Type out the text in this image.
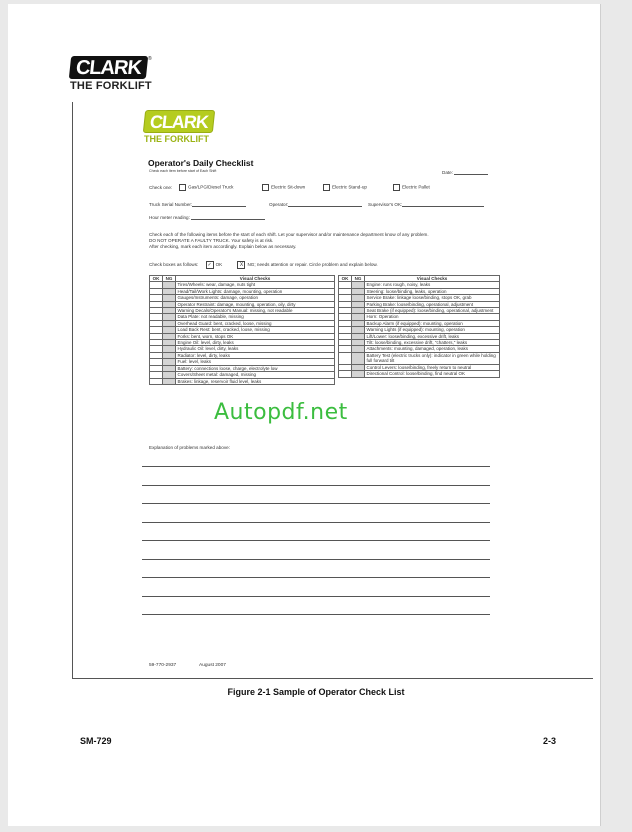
CLARK ®
THE FORKLIFT
CLARK
THE FORKLIFT
Operator's Daily Checklist
Check each item before start of Each Shift	Date:
Check one:	Gas/LPG/Diesel Truck	Electric Sit-down	Electric Stand-up	Electric Pallet
Truck Serial Number:	Operator:	Supervisor's OK:
Hour meter reading:
Check each of the following items before the start of each shift. Let your supervisor and/or maintenance department know of any problem.
DO NOT OPERATE A FAULTY TRUCK. Your safety is at risk.
After checking, mark each item accordingly. Explain below as necessary.
Check boxes as follows: ✓ OK	X NG; needs attention or repair. Circle problem and explain below.
OK	NG	Visual Checks
		Tires/Wheels: wear, damage, nuts tight
		Head/Tail/Work Lights: damage, mounting, operation
		Gauges/Instruments: damage, operation
		Operator Restraint: damage, mounting, operation, oily, dirty
		Warning Decals/Operator's Manual: missing, not readable
		Data Plate: not readable, missing
		Overhead Guard: bent, cracked, loose, missing
		Load Back Rest: bent, cracked, loose, missing
		Forks: bent, worn, stops OK
		Engine Oil: level, dirty, leaks
		Hydraulic Oil: level, dirty, leaks
		Radiator: level, dirty, leaks
		Fuel: level, leaks
		Battery: connections loose, charge, electrolyte low
		Covers/Sheet metal: damaged, missing
		Brakes: linkage, reservoir fluid level, leaks
OK	NG	Visual Checks
		Engine: runs rough, noisy, leaks
		Steering: loose/binding, leaks, operation
		Service Brake: linkage loose/binding, stops OK, grab
		Parking Brake: loose/binding, operational, adjustment
		Seat Brake (if equipped): loose/binding, operational, adjustment
		Horn: Operation
		Backup Alarm (if equipped): mounting, operation
		Warning Lights (if equipped): mounting, operation
		Lift/Lower: loose/binding, excessive drift, leaks
		Tilt: loose/binding, excessive drift, "chatters," leaks
		Attachments: mounting, damaged, operation, leaks
		Battery Test (electric trucks only): indicator in green while holding full forward tilt
		Control Levers: loose/binding, freely return to neutral
		Directional Control: loose/binding, find neutral OK
Autopdf.net
Explanation of problems marked above:
59-770-2937	August 2007
Figure 2-1 Sample of Operator Check List
SM-729	2-3
